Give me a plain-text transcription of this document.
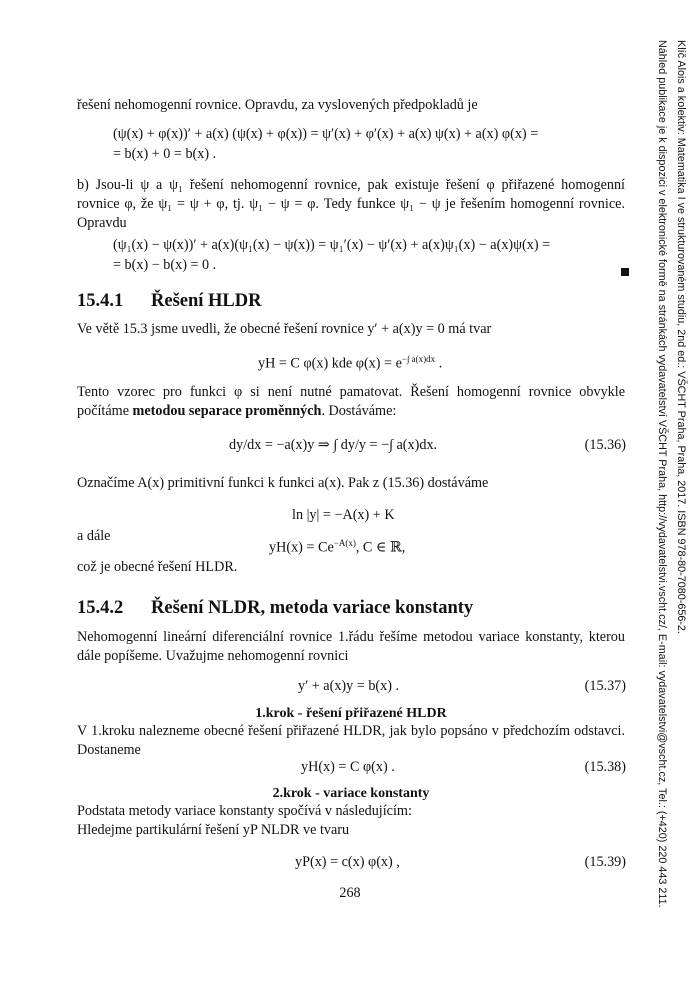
řešení nehomogenní rovnice. Opravdu, za vyslovených předpokladů je
(ψ(x) + φ(x))′ + a(x) (ψ(x) + φ(x)) = ψ′(x) + φ′(x) + a(x) ψ(x) + a(x) φ(x) =
= b(x) + 0 = b(x) .
b) Jsou-li ψ a ψ₁ řešení nehomogenní rovnice, pak existuje řešení φ přiřazené homogenní rovnice φ, že ψ₁ = ψ + φ, tj. ψ₁ − ψ = φ. Tedy funkce ψ₁ − ψ je řešením homogenní rovnice. Opravdu
(ψ₁(x) − ψ(x))′ + a(x)(ψ₁(x) − ψ(x)) = ψ₁′(x) − ψ′(x) + a(x)ψ₁(x) − a(x)ψ(x) =
= b(x) − b(x) = 0 .
15.4.1 Řešení HLDR
Ve větě 15.3 jsme uvedli, že obecné řešení rovnice y′ + a(x)y = 0 má tvar
yH = C φ(x) kde $\varphi(x) = e^{-\int a(x)dx}$ .
Tento vzorec pro funkci φ si není nutné pamatovat. Řešení homogenní rovnice obvykle počítáme metodou separace proměnných. Dostáváme:
dy/dx = −a(x)y ⇒ ∫ dy/y = −∫ a(x)dx.	(15.36)
Označíme A(x) primitivní funkci k funkci a(x). Pak z (15.36) dostáváme
ln |y| = −A(x) + K
a dále
$yH(x) = Ce^{-A(x)}$, C ∈ ℝ,
což je obecné řešení HLDR.
15.4.2 Řešení NLDR, metoda variace konstanty
Nehomogenní lineární diferenciální rovnice 1.řádu řešíme metodou variace konstanty, kterou dále popíšeme. Uvažujme nehomogenní rovnici
y′ + a(x)y = b(x) .	(15.37)
1.krok - řešení přiřazené HLDR
V 1.kroku nalezneme obecné řešení přiřazené HLDR, jak bylo popsáno v předchozím odstavci. Dostaneme
yH(x) = C φ(x) .	(15.38)
2.krok - variace konstanty
Podstata metody variace konstanty spočívá v následujícím:
Hledejme partikulární řešení yP NLDR ve tvaru
yP(x) = c(x) φ(x) ,	(15.39)
268
Klíč Alois a kolektiv: Matematika I ve strukturovaném studiu, 2nd ed.: VŠCHT Praha, Praha, 2017. ISBN 978-80-7080-656-2.
Náhled publikace je k dispozici v elektronické formě na stránkách vydavatelství VŠCHT Praha, http://vydavatelstvi.vscht.cz/, E-mail: vydavatelstvi@vscht.cz, Tel.: (+420) 220 443 211.
